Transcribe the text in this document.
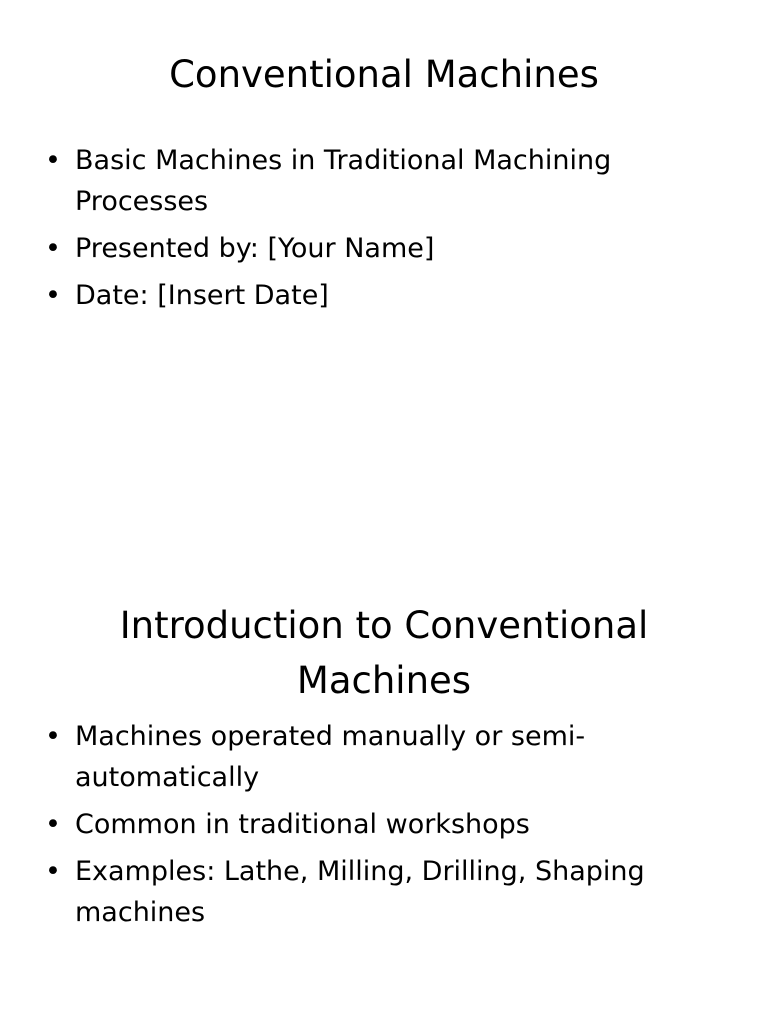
Conventional Machines
• Basic Machines in Traditional Machining Processes
• Presented by: [Your Name]
• Date: [Insert Date]
Introduction to Conventional Machines
• Machines operated manually or semi-automatically
• Common in traditional workshops
• Examples: Lathe, Milling, Drilling, Shaping machines
